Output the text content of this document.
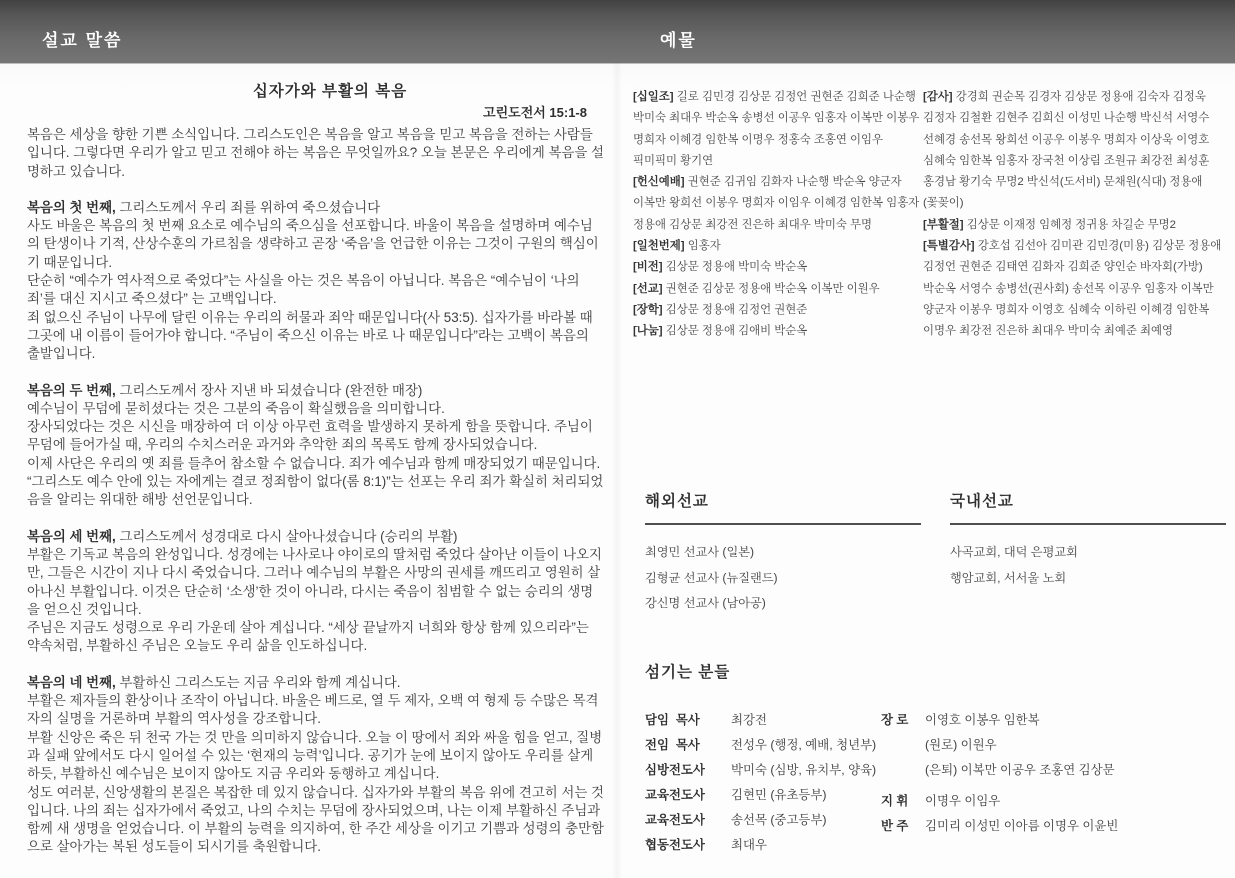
설교 말씀	예물
십자가와 부활의 복음
고린도전서 15:1-8
복음은 세상을 향한 기쁜 소식입니다. 그리스도인은 복음을 알고 복음을 믿고 복음을 전하는 사람들입니다. 그렇다면 우리가 알고 믿고 전해야 하는 복음은 무엇일까요? 오늘 본문은 우리에게 복음을 설명하고 있습니다.
복음의 첫 번째, 그리스도께서 우리 죄를 위하여 죽으셨습니다
사도 바울은 복음의 첫 번째 요소로 예수님의 죽으심을 선포합니다. 바울이 복음을 설명하며 예수님의 탄생이나 기적, 산상수훈의 가르침을 생략하고 곧장 ‘죽음’을 언급한 이유는 그것이 구원의 핵심이기 때문입니다.
단순히 “예수가 역사적으로 죽었다”는 사실을 아는 것은 복음이 아닙니다. 복음은 “예수님이 ‘나의 죄’를 대신 지시고 죽으셨다” 는 고백입니다.
죄 없으신 주님이 나무에 달린 이유는 우리의 허물과 죄악 때문입니다(사 53:5). 십자가를 바라볼 때 그곳에 내 이름이 들어가야 합니다. “주님이 죽으신 이유는 바로 나 때문입니다”라는 고백이 복음의 출발입니다.
복음의 두 번째, 그리스도께서 장사 지낸 바 되셨습니다 (완전한 매장)
예수님이 무덤에 묻히셨다는 것은 그분의 죽음이 확실했음을 의미합니다.
장사되었다는 것은 시신을 매장하여 더 이상 아무런 효력을 발생하지 못하게 함을 뜻합니다. 주님이 무덤에 들어가실 때, 우리의 수치스러운 과거와 추악한 죄의 목록도 함께 장사되었습니다.
이제 사단은 우리의 옛 죄를 들추어 참소할 수 없습니다. 죄가 예수님과 함께 매장되었기 때문입니다. “그리스도 예수 안에 있는 자에게는 결코 정죄함이 없다(롬 8:1)”는 선포는 우리 죄가 확실히 처리되었음을 알리는 위대한 해방 선언문입니다.
복음의 세 번째, 그리스도께서 성경대로 다시 살아나셨습니다 (승리의 부활)
부활은 기독교 복음의 완성입니다. 성경에는 나사로나 야이로의 딸처럼 죽었다 살아난 이들이 나오지만, 그들은 시간이 지나 다시 죽었습니다. 그러나 예수님의 부활은 사망의 권세를 깨뜨리고 영원히 살아나신 부활입니다. 이것은 단순히 ‘소생’한 것이 아니라, 다시는 죽음이 침범할 수 없는 승리의 생명을 얻으신 것입니다.
주님은 지금도 성령으로 우리 가운데 살아 계십니다. “세상 끝날까지 너희와 항상 함께 있으리라”는 약속처럼, 부활하신 주님은 오늘도 우리 삶을 인도하십니다.
복음의 네 번째, 부활하신 그리스도는 지금 우리와 함께 계십니다.
부활은 제자들의 환상이나 조작이 아닙니다. 바울은 베드로, 열 두 제자, 오백 여 형제 등 수많은 목격자의 실명을 거론하며 부활의 역사성을 강조합니다.
부활 신앙은 죽은 뒤 천국 가는 것 만을 의미하지 않습니다. 오늘 이 땅에서 죄와 싸울 힘을 얻고, 질병과 실패 앞에서도 다시 일어설 수 있는 ‘현재의 능력’입니다. 공기가 눈에 보이지 않아도 우리를 살게 하듯, 부활하신 예수님은 보이지 않아도 지금 우리와 동행하고 계십니다.
성도 여러분, 신앙생활의 본질은 복잡한 데 있지 않습니다. 십자가와 부활의 복음 위에 견고히 서는 것입니다. 나의 죄는 십자가에서 죽었고, 나의 수치는 무덤에 장사되었으며, 나는 이제 부활하신 주님과 함께 새 생명을 얻었습니다. 이 부활의 능력을 의지하여, 한 주간 세상을 이기고 기쁨과 성령의 충만함으로 살아가는 복된 성도들이 되시기를 축원합니다.
[십일조] 길로 김민경 김상문 김정언 권현준 김희준 나순행 박미숙 최대우 박순옥 송병선 이공우 임홍자 이복만 이봉우 명희자 이혜경 임한복 이명우 정홍숙 조홍연 이임우 픽미픽미 황기연
[헌신예배] 권현준 김귀임 김화자 나순행 박순옥 양군자 이복만 왕희선 이봉우 명희자 이임우 이혜경 임한복 임홍자 정용애 김상문 최강전 진은하 최대우 박미숙 무명
[일천번제] 임홍자
[비전] 김상문 정용애 박미숙 박순옥
[선교] 권현준 김상문 정용애 박순옥 이복만 이원우
[장학] 김상문 정용애 김정언 권현준
[나눔] 김상문 정용애 김애비 박순옥
[감사] 강경희 권순목 김경자 김상문 정용애 김숙자 김정욱 김정자 김철환 김현주 김희신 이성민 나순행 박신석 서영수 선혜경 송선목 왕희선 이공우 이봉우 명희자 이상욱 이영호 심혜숙 임한복 임홍자 장국천 이상림 조원규 최강전 최성훈 홍경남 황기숙 무명2 박신석(도서비) 문채원(식대) 정용애(꽃꽂이)
[부활절] 김상문 이재정 임혜정 정귀용 차길순 무명2
[특별감사] 강호섭 김선아 김미관 김민경(미용) 김상문 정용애 김정언 권현준 김태연 김화자 김희준 양인순 바자회(가방) 박순옥 서영수 송병선(권사회) 송선목 이공우 임홍자 이복만 양군자 이봉우 명희자 이영호 심혜숙 이하린 이혜경 임한복 이명우 최강전 진은하 최대우 박미숙 최예준 최예영
해외선교
최영민 선교사 (일본)
김형균 선교사 (뉴질랜드)
강신명 선교사 (남아공)
국내선교
사곡교회, 대덕 은평교회
행암교회, 서서울 노회
섬기는 분들
담임  목사	최강전
전임  목사	전성우 (행정, 예배, 청년부)
심방전도사	박미숙 (심방, 유치부, 양육)
교육전도사	김현민 (유초등부)
교육전도사	송선목 (중고등부)
협동전도사	최대우
장 로	이영호 이봉우 임한복
(원로) 이원우
(은퇴) 이복만 이공우 조홍연 김상문
지 휘	이명우 이임우
반 주	김미리 이성민 이아름 이명우 이윤빈
